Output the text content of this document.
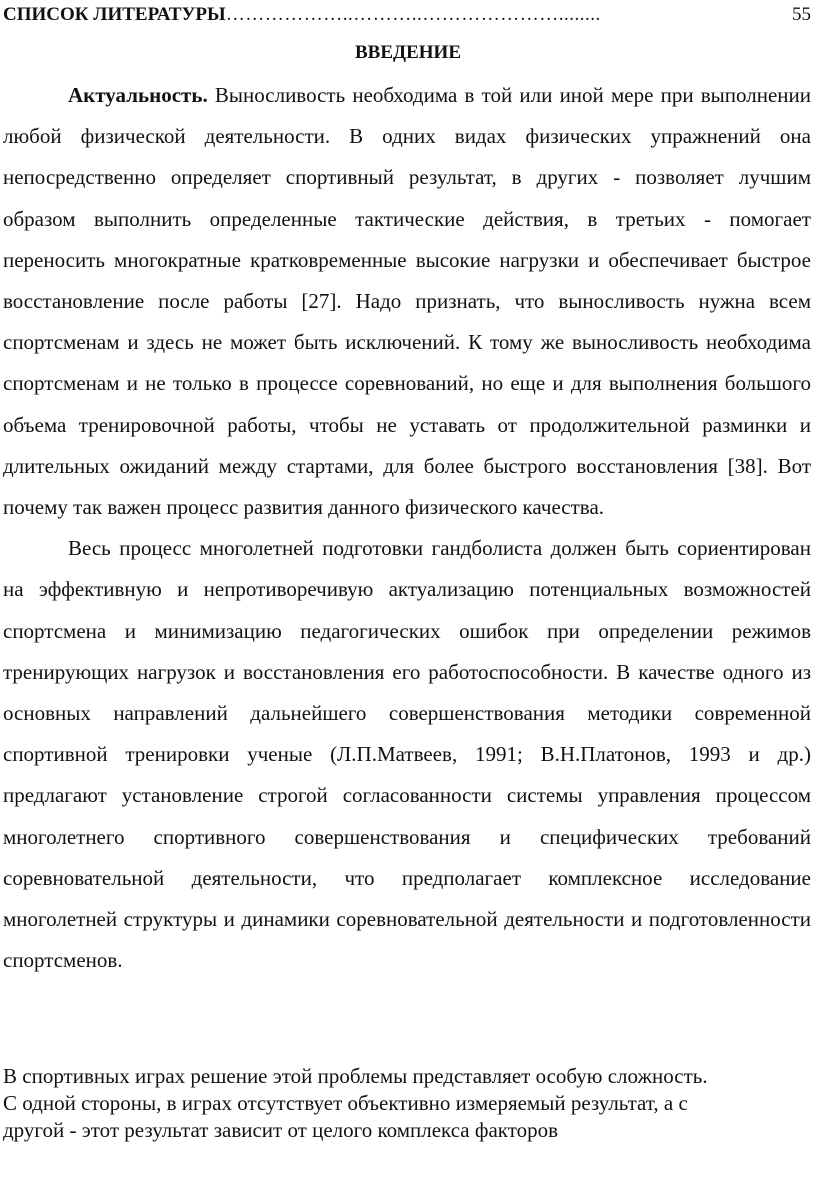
СПИСОК ЛИТЕРАТУРЫ ………………..………..…………………........	55
ВВЕДЕНИЕ

Актуальность. Выносливость необходима в той или иной мере при выполнении любой физической деятельности. В одних видах физических упражнений она непосредственно определяет спортивный результат, в других - позволяет лучшим образом выполнить определенные тактические действия, в третьих - помогает переносить многократные кратковременные высокие нагрузки и обеспечивает быстрое восстановление после работы [27]. Надо признать, что выносливость нужна всем спортсменам и здесь не может быть исключений. К тому же выносливость необходима спортсменам и не только в процессе соревнований, но еще и для выполнения большого объема тренировочной работы, чтобы не уставать от продолжительной разминки и длительных ожиданий между стартами, для более быстрого восстановления [38]. Вот почему так важен процесс развития данного физического качества.

Весь процесс многолетней подготовки гандболиста должен быть сориентирован на эффективную и непротиворечивую актуализацию потенциальных возможностей спортсмена и минимизацию педагогических ошибок при определении режимов тренирующих нагрузок и восстановления его работоспособности. В качестве одного из основных направлений дальнейшего совершенствования методики современной спортивной тренировки ученые (Л.П.Матвеев, 1991; В.Н.Платонов, 1993 и др.) предлагают установление строгой согласованности системы управления процессом многолетнего спортивного совершенствования и специфических требований соревновательной деятельности, что предполагает комплексное исследование многолетней структуры и динамики соревновательной деятельности и подготовленности спортсменов.

В спортивных играх решение этой проблемы представляет особую сложность.

С одной стороны, в играх отсутствует объективно измеряемый результат, а с

другой - этот результат зависит от целого комплекса факторов
